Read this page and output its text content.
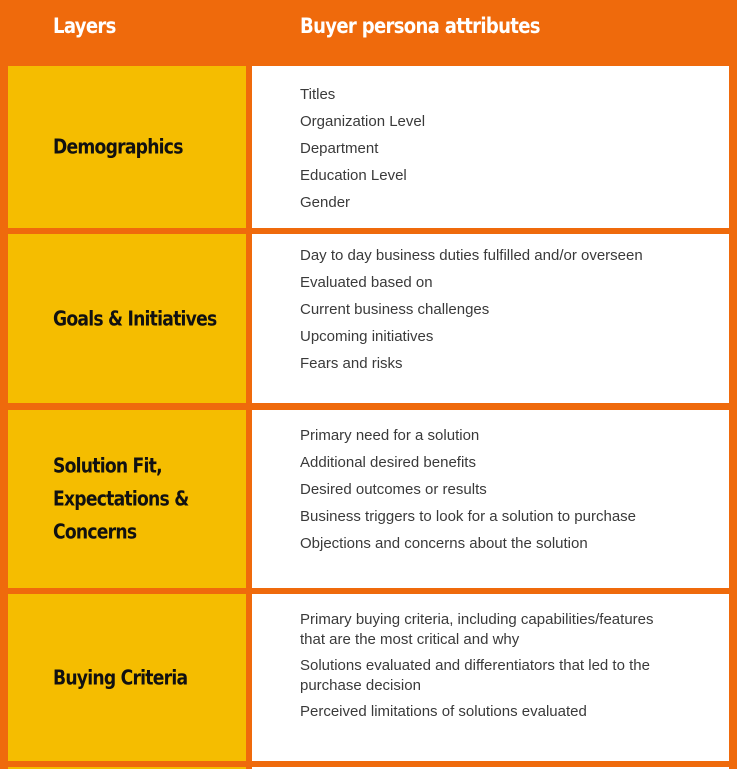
Layers	Buyer persona attributes
Demographics
Titles
Organization Level
Department
Education Level
Gender
Goals & Initiatives
Day to day business duties fulfilled and/or overseen
Evaluated based on
Current business challenges
Upcoming initiatives
Fears and risks
Solution Fit,
Expectations &
Concerns
Primary need for a solution
Additional desired benefits
Desired outcomes or results
Business triggers to look for a solution to purchase
Objections and concerns about the solution
Buying Criteria
Primary buying criteria, including capabilities/features that are the most critical and why
Solutions evaluated and differentiators that led to the purchase decision
Perceived limitations of solutions evaluated
